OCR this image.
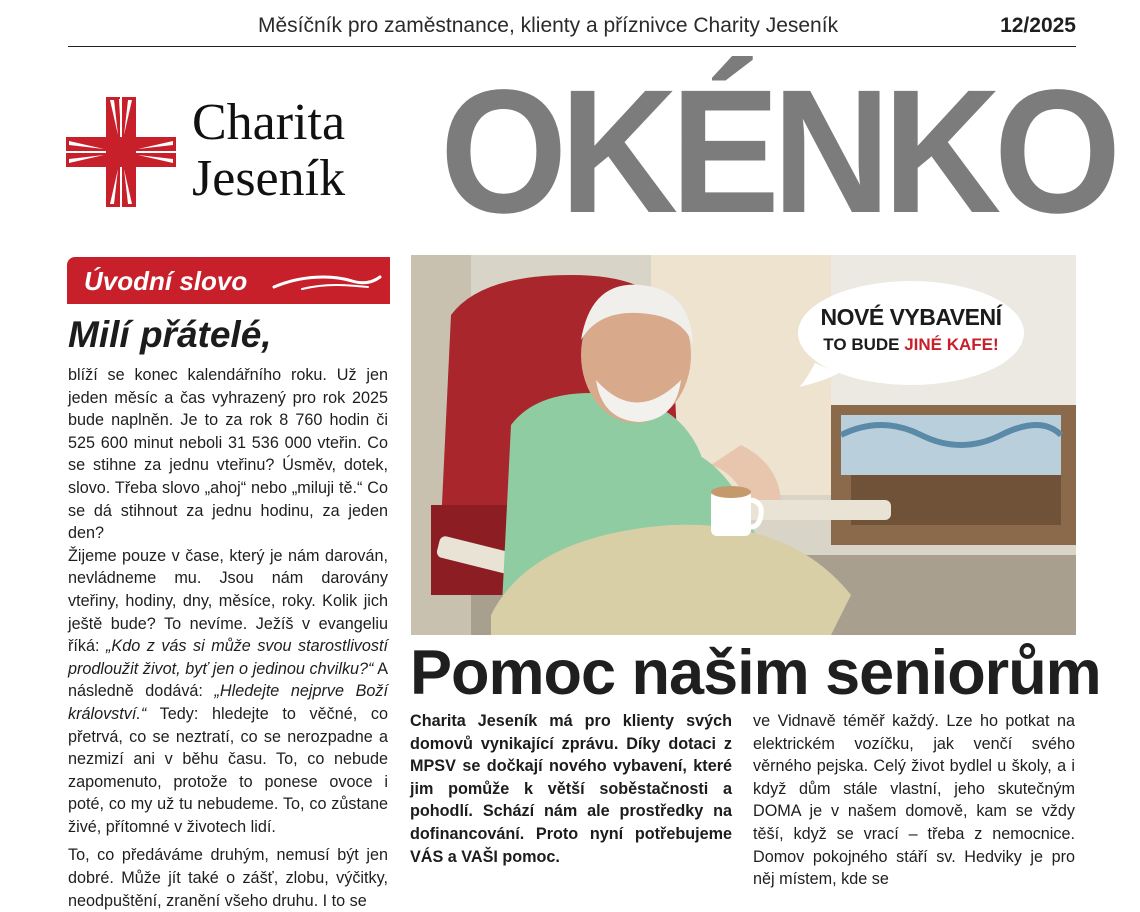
Měsíčník pro zaměstnance, klienty a příznivce Charity Jeseník	12/2025
Charita
Jeseník OKÉNKO
Úvodní slovo
Milí přátelé,

blíží se konec kalendářního roku. Už jen jeden měsíc a čas vyhrazený pro rok 2025 bude naplněn. Je to za rok 8 760 hodin či 525 600 minut neboli 31 536 000 vteřin. Co se stihne za jednu vteřinu? Úsměv, dotek, slovo. Třeba slovo „ahoj“ nebo „miluji tě.“ Co se dá stihnout za jednu hodinu, za jeden den?

Žijeme pouze v čase, který je nám darován, nevládneme mu. Jsou nám darovány vteřiny, hodiny, dny, měsíce, roky. Kolik jich ještě bude? To nevíme. Ježíš v evangeliu říká: „Kdo z vás si může svou starostlivostí prodloužit život, byť jen o jedinou chvilku?“ A následně dodává: „Hledejte nejprve Boží království.“ Tedy: hledejte to věčné, co přetrvá, co se neztratí, co se nerozpadne a nezmizí ani v běhu času. To, co nebude zapomenuto, protože to ponese ovoce i poté, co my už tu nebudeme. To, co zůstane živé, přítomné v životech lidí.

To, co předáváme druhým, nemusí být jen dobré. Může jít také o zášť, zlobu, výčitky, neodpuštění, zranění všeho druhu. I to se

NOVÉ VYBAVENÍ
TO BUDE JINÉ KAFE!
Pomoc našim seniorům
Charita Jeseník má pro klienty svých domovů vynikající zprávu. Díky dotaci z MPSV se dočkají nového vybavení, které jim pomůže k větší soběstačnosti a pohodlí. Schází nám ale prostředky na dofinancování. Proto nyní potřebujeme VÁS a VAŠI pomoc.
ve Vidnavě téměř každý. Lze ho potkat na elektrickém vozíčku, jak venčí svého věrného pejska. Celý život bydlel u školy, a i když dům stále vlastní, jeho skutečným DOMA je v našem domově, kam se vždy těší, když se vrací – třeba z nemocnice. Domov pokojného stáří sv. Hedviky je pro něj místem, kde se
